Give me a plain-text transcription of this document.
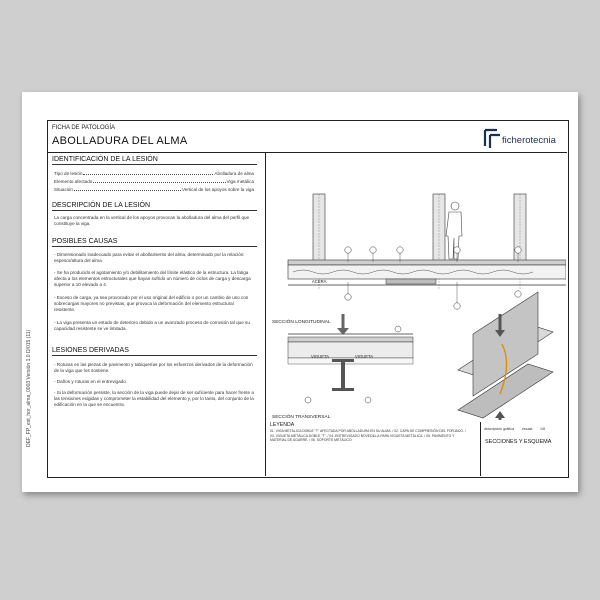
DEF_FP_est_hor_alma_0003 Versión 1.0 D/015 (11)
FICHA DE PATOLOGÍA
ABOLLADURA DEL ALMA	ficherotecnia
IDENTIFICACIÓN DE LA LESIÓN
Tipo de lesión	Abolladura de alma
Elemento afectado	Viga metálica
Situación	Vertical de los apoyos sobre la viga
DESCRIPCIÓN DE LA LESIÓN

La carga concentrada en la vertical de los apoyos provocan la abolladura del alma del perfil que constituye la viga.

POSIBLES CAUSAS

- Dimensionado inadecuado para evitar el abollamiento del alma, determinado por la relación: espesor/altura del alma

- Se ha producido el agotamiento y/o debilitamiento del límite elástico de la estructura. La fatiga afecta a los elementos estructurales que hayan sufrido un número de ciclos de carga y descarga superior a 10 elevado a 4.

- Exceso de carga, ya sea provocado por el uso original del edificio o por un cambio de uso con sobrecargas mayores no previstas, que provoca la deformación del elemento estructural resistente.

- La viga presenta un estado de deterioro debido a un avanzado proceso de corrosión tal que su capacidad resistente se ve limitada.

LESIONES DERIVADAS

- Roturas en las piezas de pavimento y tabiquerías por los esfuerzos derivados de la deformación de la viga que los sostiene.

- Daños y roturas en el entrevigado.

- Si la deformación persiste, la sección de la viga puede dejar de ser suficiente para hacer frente a las tensiones exigidas y comprometer la estabilidad del elemento y, por lo tanto, del conjunto de la edificación en la que se encuentra.

ACERA
SECCIÓN LONGITUDINAL
VIGUETA	VIGUETA
SECCIÓN TRANSVERSAL
LEYENDA
01. VIGA METÁLICA DOBLE "T" AFECTADA POR ABOLLADURA EN SU ALMA. / 02. CAPA DE COMPRESIÓN DEL FORJADO. / 03. VIGUETA METÁLICA DOBLE "T". / 04. ENTREVIGADO BOVEDILLA PARA VIGUETA METÁLICA. / 05. PAVIMENTO Y MATERIAL DE AGARRE. / 06. SOPORTE METÁLICO.
descripción gráfica escala 1/8
SECCIONES Y ESQUEMA
